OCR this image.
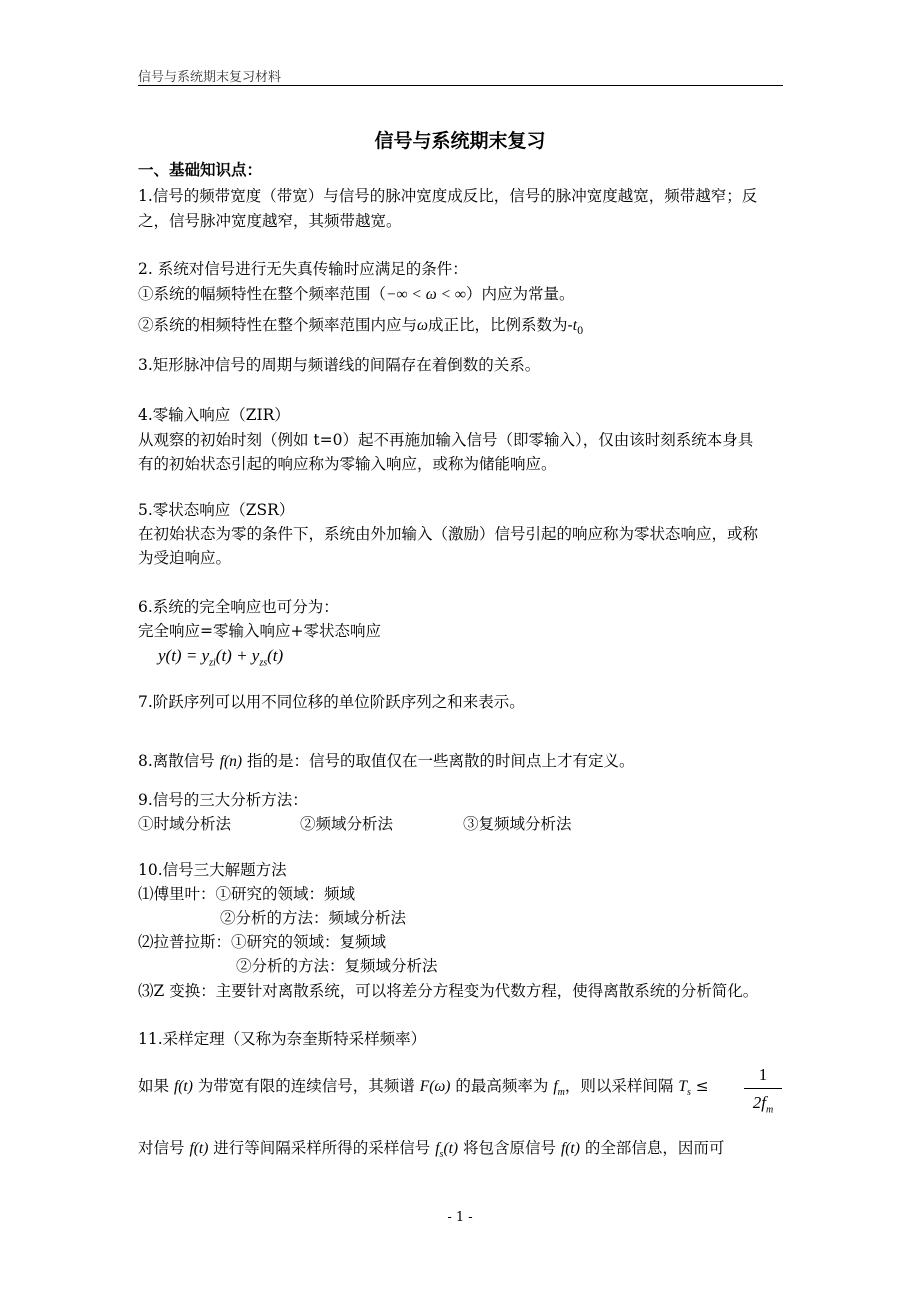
信号与系统期末复习材料
信号与系统期末复习
一、基础知识点：
1.信号的频带宽度（带宽）与信号的脉冲宽度成反比，信号的脉冲宽度越宽，频带越窄；反
之，信号脉冲宽度越窄，其频带越宽。
2. 系统对信号进行无失真传输时应满足的条件：
①系统的幅频特性在整个频率范围（−∞ < ω < ∞）内应为常量。
②系统的相频特性在整个频率范围内应与ω成正比，比例系数为$-t_0$
3.矩形脉冲信号的周期与频谱线的间隔存在着倒数的关系。
4.零输入响应（ZIR）
从观察的初始时刻（例如 t=0）起不再施加输入信号（即零输入），仅由该时刻系统本身具
有的初始状态引起的响应称为零输入响应，或称为储能响应。
5.零状态响应（ZSR）
在初始状态为零的条件下，系统由外加输入（激励）信号引起的响应称为零状态响应，或称
为受迫响应。
6.系统的完全响应也可分为：
完全响应=零输入响应+零状态响应
$y(t) = y_{zi}(t) + y_{zs}(t)$
7.阶跃序列可以用不同位移的单位阶跃序列之和来表示。
8.离散信号 f(n) 指的是：信号的取值仅在一些离散的时间点上才有定义。
9.信号的三大分析方法：
①时域分析法	②频域分析法	③复频域分析法
10.信号三大解题方法
⑴傅里叶：①研究的领域：频域
②分析的方法：频域分析法
⑵拉普拉斯：①研究的领域：复频域
②分析的方法：复频域分析法
⑶Z 变换：主要针对离散系统，可以将差分方程变为代数方程，使得离散系统的分析简化。
11.采样定理（又称为奈奎斯特采样频率）
如果 f(t) 为带宽有限的连续信号，其频谱 F(ω) 的最高频率为 $f_m$，则以采样间隔 $T_s$ ≤
1
$2f_m$
对信号 f(t) 进行等间隔采样所得的采样信号 $f_s(t)$ 将包含原信号 f(t) 的全部信息，因而可
- 1 -
